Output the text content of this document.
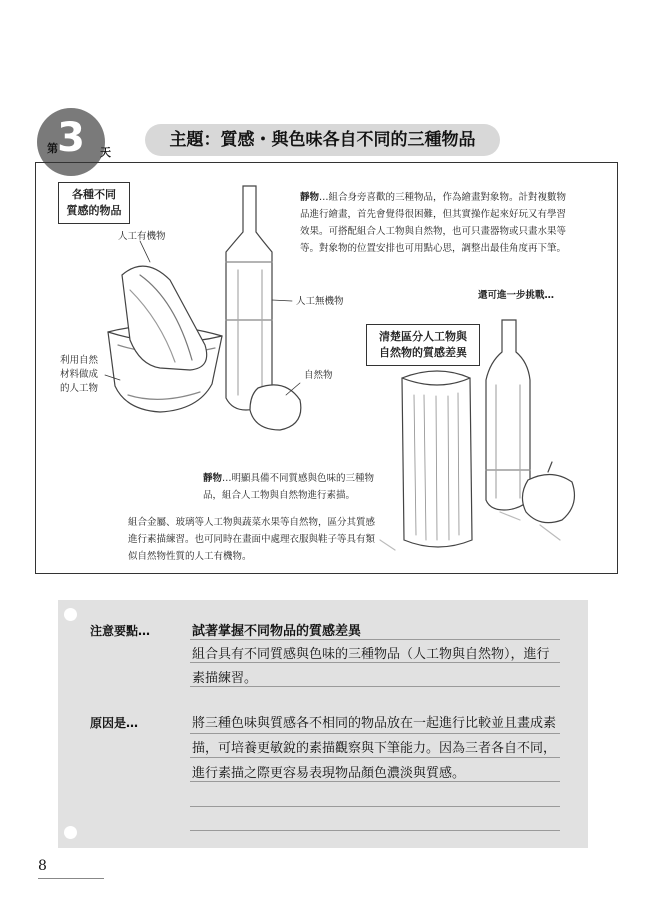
3
第	天
主題：質感・與色味各自不同的三種物品
各種不同
質感的物品
人工有機物
利用自然
材料做成
的人工物
人工無機物
自然物
靜物…組合身旁喜歡的三種物品，作為繪畫對象物。計對複數物品進行繪畫，首先會覺得很困難，但其實操作起來好玩又有學習效果。可搭配組合人工物與自然物，也可只畫器物或只畫水果等等。對象物的位置安排也可用點心思，調整出最佳角度再下筆。
還可進一步挑戰…
清楚區分人工物與
自然物的質感差異
靜物…明顯具備不同質感與色味的三種物品，組合人工物與自然物進行素描。
組合金屬、玻璃等人工物與蔬菜水果等自然物，區分其質感進行素描練習。也可同時在畫面中處理衣服與鞋子等具有類似自然物性質的人工有機物。
注意要點…	試著掌握不同物品的質感差異
組合具有不同質感與色味的三種物品（人工物與自然物），進行
素描練習。
原因是…	將三種色味與質感各不相同的物品放在一起進行比較並且畫成素
描，可培養更敏銳的素描觀察與下筆能力。因為三者各自不同，
進行素描之際更容易表現物品顏色濃淡與質感。
8
